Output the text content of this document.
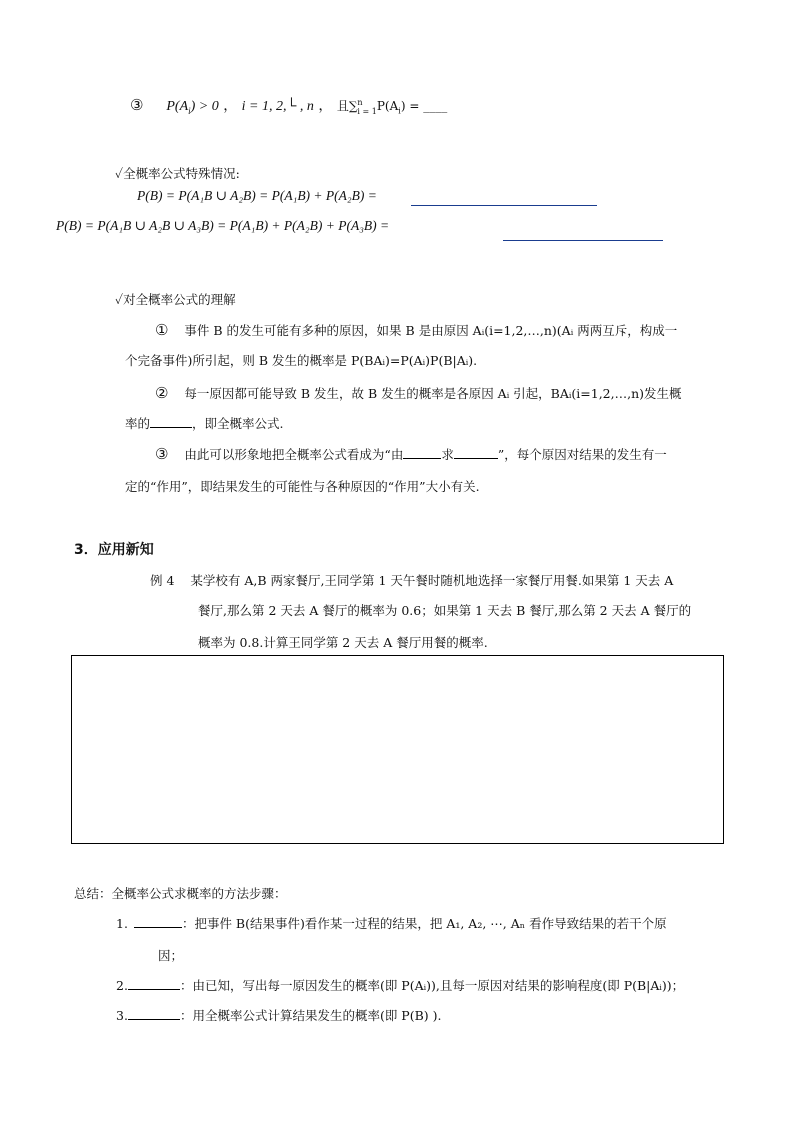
③ $P(A_i) > 0$ ， i = 1, 2,└ , n ， 且∑ n
i = 1 $P(A_i)$ = ____
✓全概率公式特殊情况:
P(B) = P(A₁B ∪ A₂B) = P(A₁B) + P(A₂B) =
P(B) = P(A₁B ∪ A₂B ∪ A₃B) = P(A₁B) + P(A₂B) + P(A₃B) =
✓对全概率公式的理解
① 事件 B 的发生可能有多种的原因，如果 B 是由原因 Aᵢ(i=1,2,…,n)(Aᵢ 两两互斥，构成一
个完备事件)所引起，则 B 发生的概率是 P(BAᵢ)=P(Aᵢ)P(B|Aᵢ).
② 每一原因都可能导致 B 发生，故 B 发生的概率是各原因 Aᵢ 引起，BAᵢ(i=1,2,…,n)发生概
率的	，即全概率公式.
③ 由此可以形象地把全概率公式看成为“由	求	”，每个原因对结果的发生有一
定的“作用”，即结果发生的可能性与各种原因的“作用”大小有关.
3．应用新知
例 4 某学校有 A,B 两家餐厅,王同学第 1 天午餐时随机地选择一家餐厅用餐.如果第 1 天去 A
餐厅,那么第 2 天去 A 餐厅的概率为 0.6；如果第 1 天去 B 餐厅,那么第 2 天去 A 餐厅的
概率为 0.8.计算王同学第 2 天去 A 餐厅用餐的概率.
总结：全概率公式求概率的方法步骤：
1.	：把事件 B(结果事件)看作某一过程的结果，把 A₁, A₂, ⋯, Aₙ 看作导致结果的若干个原
因；
2.	：由已知，写出每一原因发生的概率(即 P(Aᵢ)),且每一原因对结果的影响程度(即 P(B|Aᵢ))；
3.	：用全概率公式计算结果发生的概率(即 P(B) ).
